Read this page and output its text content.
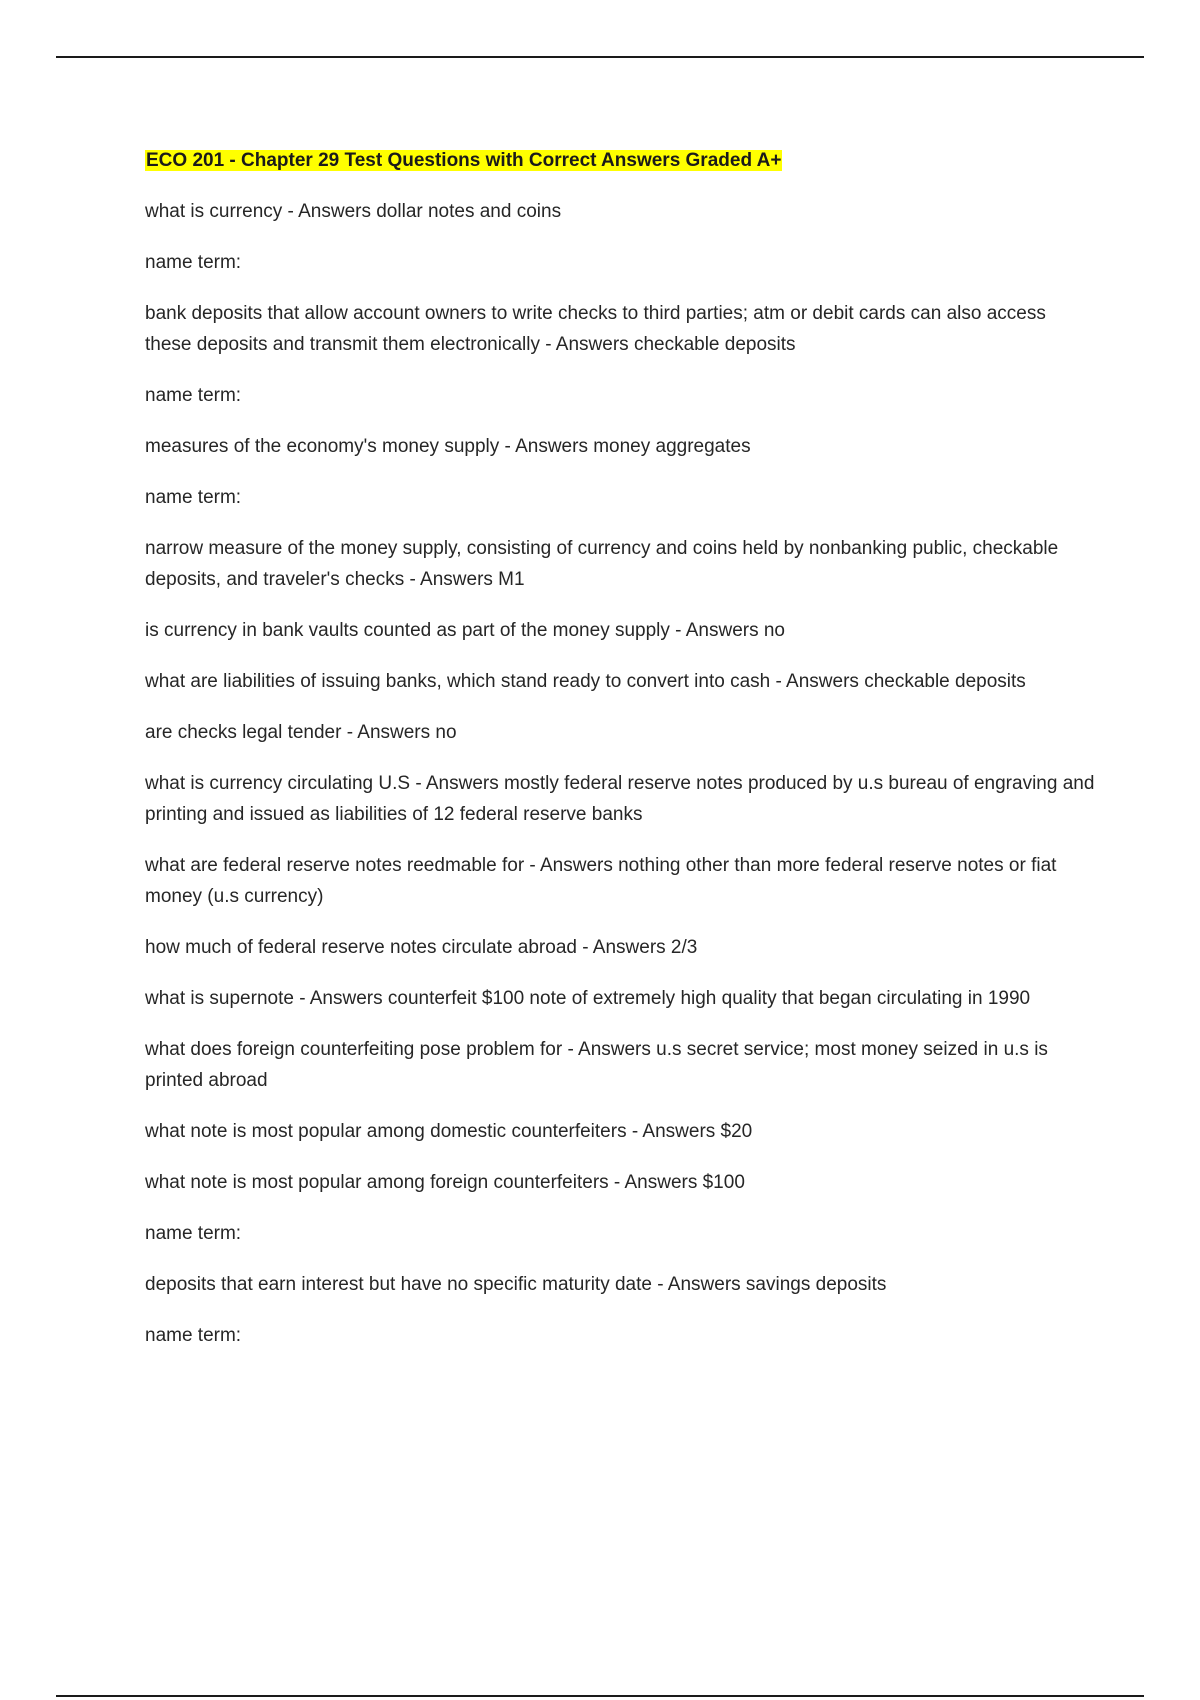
ECO 201 - Chapter 29 Test Questions with Correct Answers Graded A+

what is currency - Answers dollar notes and coins

name term:

bank deposits that allow account owners to write checks to third parties; atm or debit cards can also access these deposits and transmit them electronically - Answers checkable deposits

name term:

measures of the economy's money supply - Answers money aggregates

name term:

narrow measure of the money supply, consisting of currency and coins held by nonbanking public, checkable deposits, and traveler's checks - Answers M1

is currency in bank vaults counted as part of the money supply - Answers no

what are liabilities of issuing banks, which stand ready to convert into cash - Answers checkable deposits

are checks legal tender - Answers no

what is currency circulating U.S - Answers mostly federal reserve notes produced by u.s bureau of engraving and printing and issued as liabilities of 12 federal reserve banks

what are federal reserve notes reedmable for - Answers nothing other than more federal reserve notes or fiat money (u.s currency)

how much of federal reserve notes circulate abroad - Answers 2/3

what is supernote - Answers counterfeit $100 note of extremely high quality that began circulating in 1990

what does foreign counterfeiting pose problem for - Answers u.s secret service; most money seized in u.s is printed abroad

what note is most popular among domestic counterfeiters - Answers $20

what note is most popular among foreign counterfeiters - Answers $100

name term:

deposits that earn interest but have no specific maturity date - Answers savings deposits

name term:
